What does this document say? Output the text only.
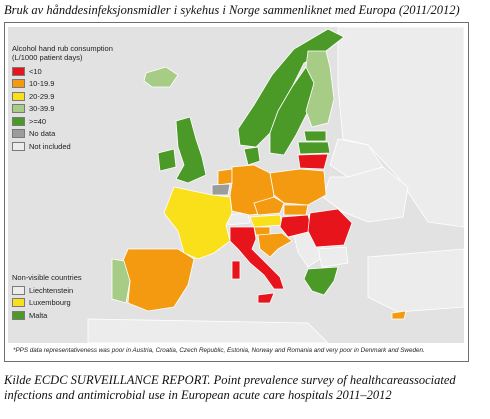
Bruk av hånddesinfeksjonsmidler i sykehus i Norge sammenliknet med Europa (2011/2012)
Alcohol hand rub consumption
(L/1000 patient days)
<10
10-19.9
20-29.9
30-39.9
>=40
No data
Not included
Non-visible countries
Liechtenstein
Luxembourg
Malta
*PPS data representativeness was poor in Austria, Croatia, Czech Republic, Estonia, Norway and Romania and very poor in Denmark and Sweden.
Kilde ECDC SURVEILLANCE REPORT. Point prevalence survey of healthcareassociated infections and antimicrobial use in European acute care hospitals 2011–2012
